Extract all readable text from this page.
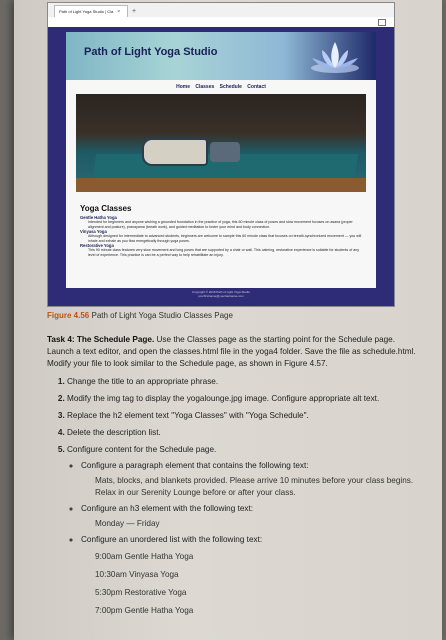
Path of Light Yoga Studio | Cla × +
Path of Light Yoga Studio
Home Classes Schedule Contact
Yoga Classes
Gentle Hatha Yoga
Intended for beginners and anyone wishing a grounded foundation in the practice of yoga, this 60 minute class of poses and slow movement focuses on asana (proper alignment and posture), pranayama (breath work), and guided meditation to foster your mind and body connection.
Vinyasa Yoga
Although designed for intermediate to advanced students, beginners are welcome to sample this 60 minute class that focuses on breath-synchronized movement — you will inhale and exhale as you flow energetically through yoga poses.
Restorative Yoga
This 90 minute class features very slow movement and long poses that are supported by a chair or wall. This calming, restorative experience is suitable for students of any level of experience. This practice is can be a perfect way to help rehabilitate an injury.
Copyright © 2018 Path of Light Yoga Studio
yourfirstname@yourlastname.com
Figure 4.56 Path of Light Yoga Studio Classes Page
Task 4: The Schedule Page. Use the Classes page as the starting point for the Schedule page. Launch a text editor, and open the classes.html file in the yoga4 folder. Save the file as schedule.html. Modify your file to look similar to the Schedule page, as shown in Figure 4.57.
1. Change the title to an appropriate phrase.
2. Modify the img tag to display the yogalounge.jpg image. Configure appropriate alt text.
3. Replace the h2 element text "Yoga Classes" with "Yoga Schedule".
4. Delete the description list.
5. Configure content for the Schedule page.
◦ Configure a paragraph element that contains the following text:
Mats, blocks, and blankets provided. Please arrive 10 minutes before your class begins. Relax in our Serenity Lounge before or after your class.
◦ Configure an h3 element with the following text:
Monday — Friday
◦ Configure an unordered list with the following text:
9:00am Gentle Hatha Yoga
10:30am Vinyasa Yoga
5:30pm Restorative Yoga
7:00pm Gentle Hatha Yoga
